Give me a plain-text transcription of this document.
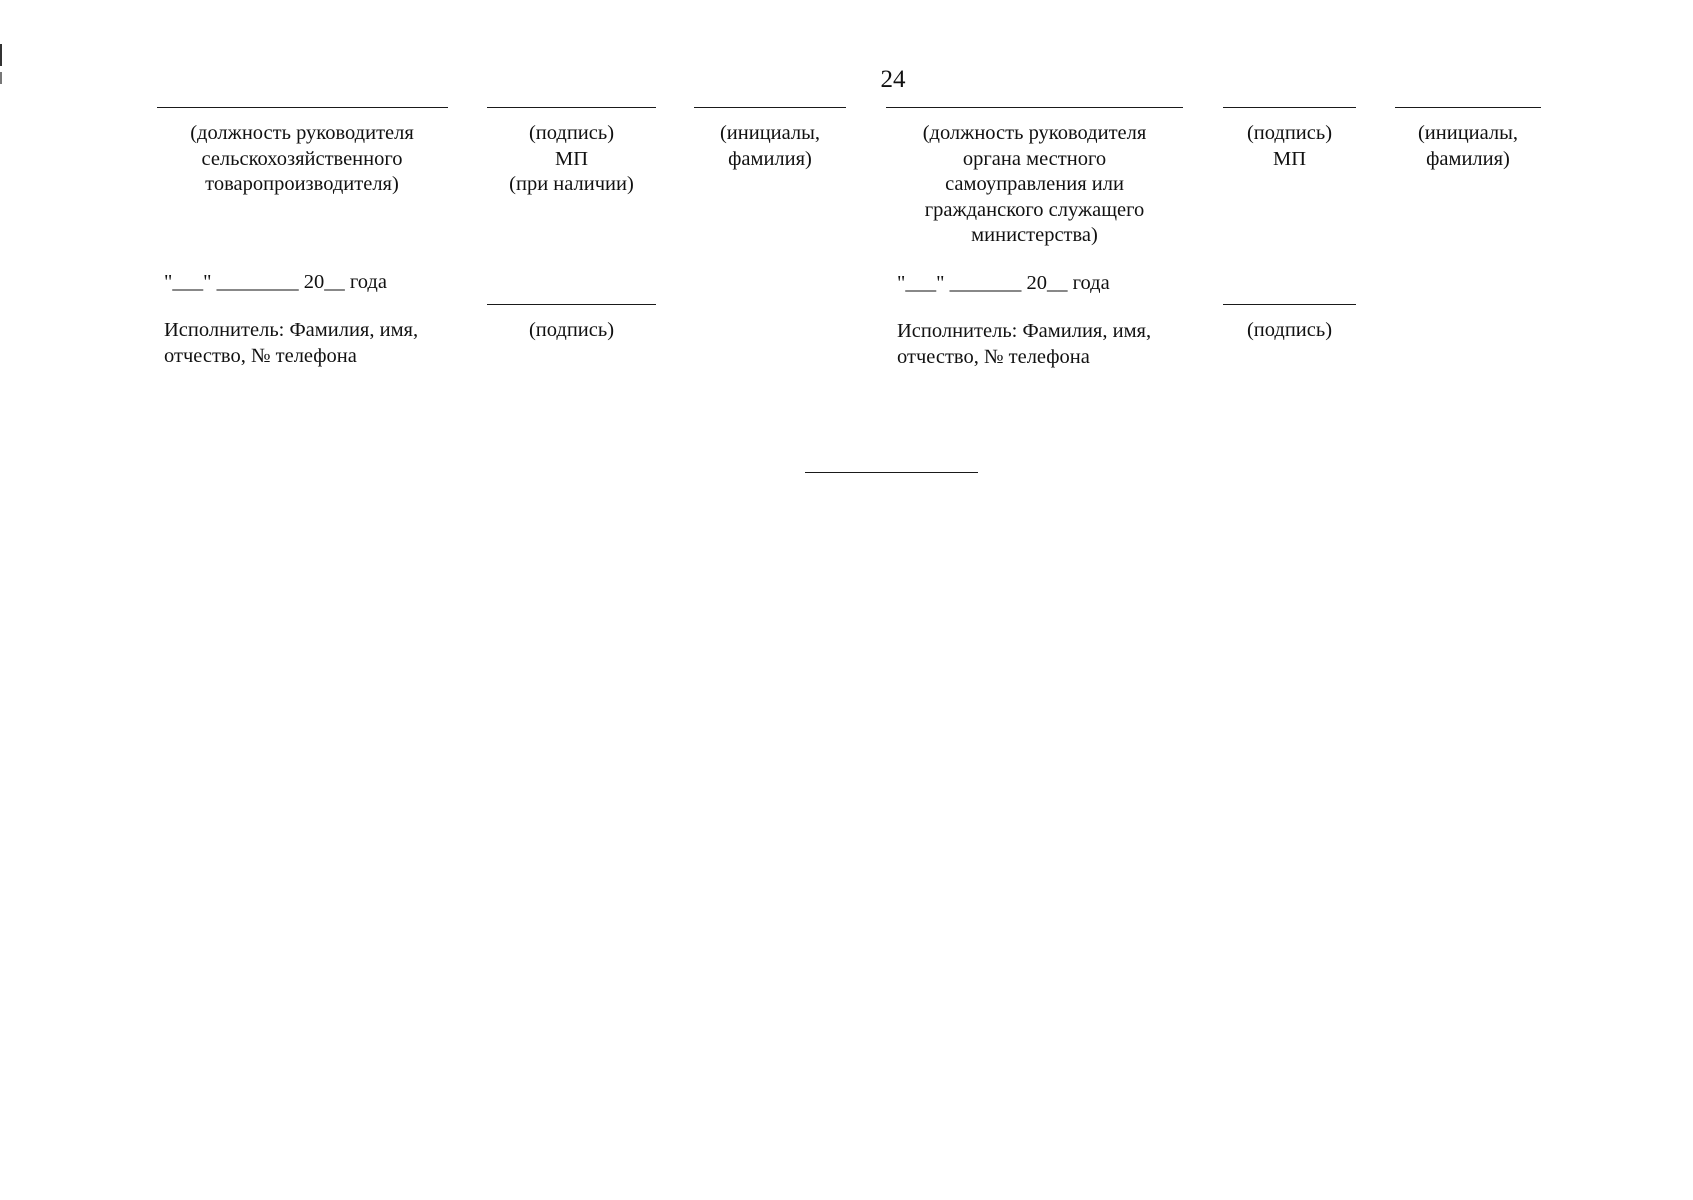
24
(должность руководителя
сельскохозяйственного
товаропроизводителя)
(подпись)
МП
(при наличии)
(инициалы,
фамилия)
(должность руководителя
органа местного
самоуправления или
гражданского служащего
министерства)
(подпись)
МП
(инициалы,
фамилия)
"___" ________ 20__ года	"___" _______ 20__ года
Исполнитель: Фамилия, имя,
отчество, № телефона
(подпись)	Исполнитель: Фамилия, имя,
отчество, № телефона
(подпись)
